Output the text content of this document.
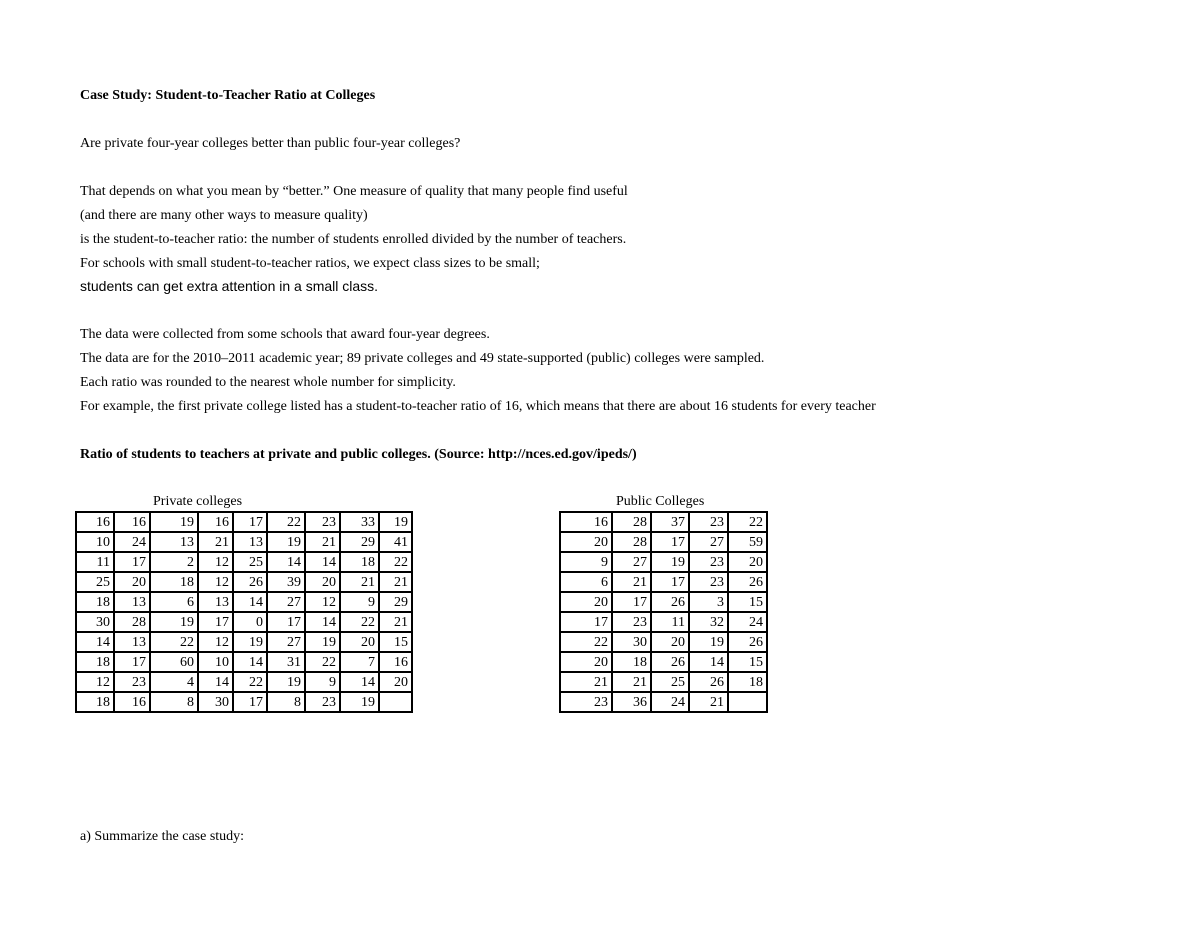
Case Study: Student-to-Teacher Ratio at Colleges
Are private four-year colleges better than public four-year colleges?
That depends on what you mean by “better.” One measure of quality that many people find useful
(and there are many other ways to measure quality)
is the student-to-teacher ratio: the number of students enrolled divided by the number of teachers.
For schools with small student-to-teacher ratios, we expect class sizes to be small;
students can get extra attention in a small class.
The data were collected from some schools that award four-year degrees.
The data are for the 2010–2011 academic year; 89 private colleges and 49 state-supported (public) colleges were sampled.
Each ratio was rounded to the nearest whole number for simplicity.
For example, the first private college listed has a student-to-teacher ratio of 16, which means that there are about 16 students for every teacher
Ratio of students to teachers at private and public colleges. (Source: http://nces.ed.gov/ipeds/)
Private colleges
16	16	19	16	17	22	23	33	19
10	24	13	21	13	19	21	29	41
11	17	2	12	25	14	14	18	22
25	20	18	12	26	39	20	21	21
18	13	6	13	14	27	12	9	29
30	28	19	17	0	17	14	22	21
14	13	22	12	19	27	19	20	15
18	17	60	10	14	31	22	7	16
12	23	4	14	22	19	9	14	20
18	16	8	30	17	8	23	19	
Public Colleges
16	28	37	23	22
20	28	17	27	59
9	27	19	23	20
6	21	17	23	26
20	17	26	3	15
17	23	11	32	24
22	30	20	19	26
20	18	26	14	15
21	21	25	26	18
23	36	24	21	
a) Summarize the case study:
